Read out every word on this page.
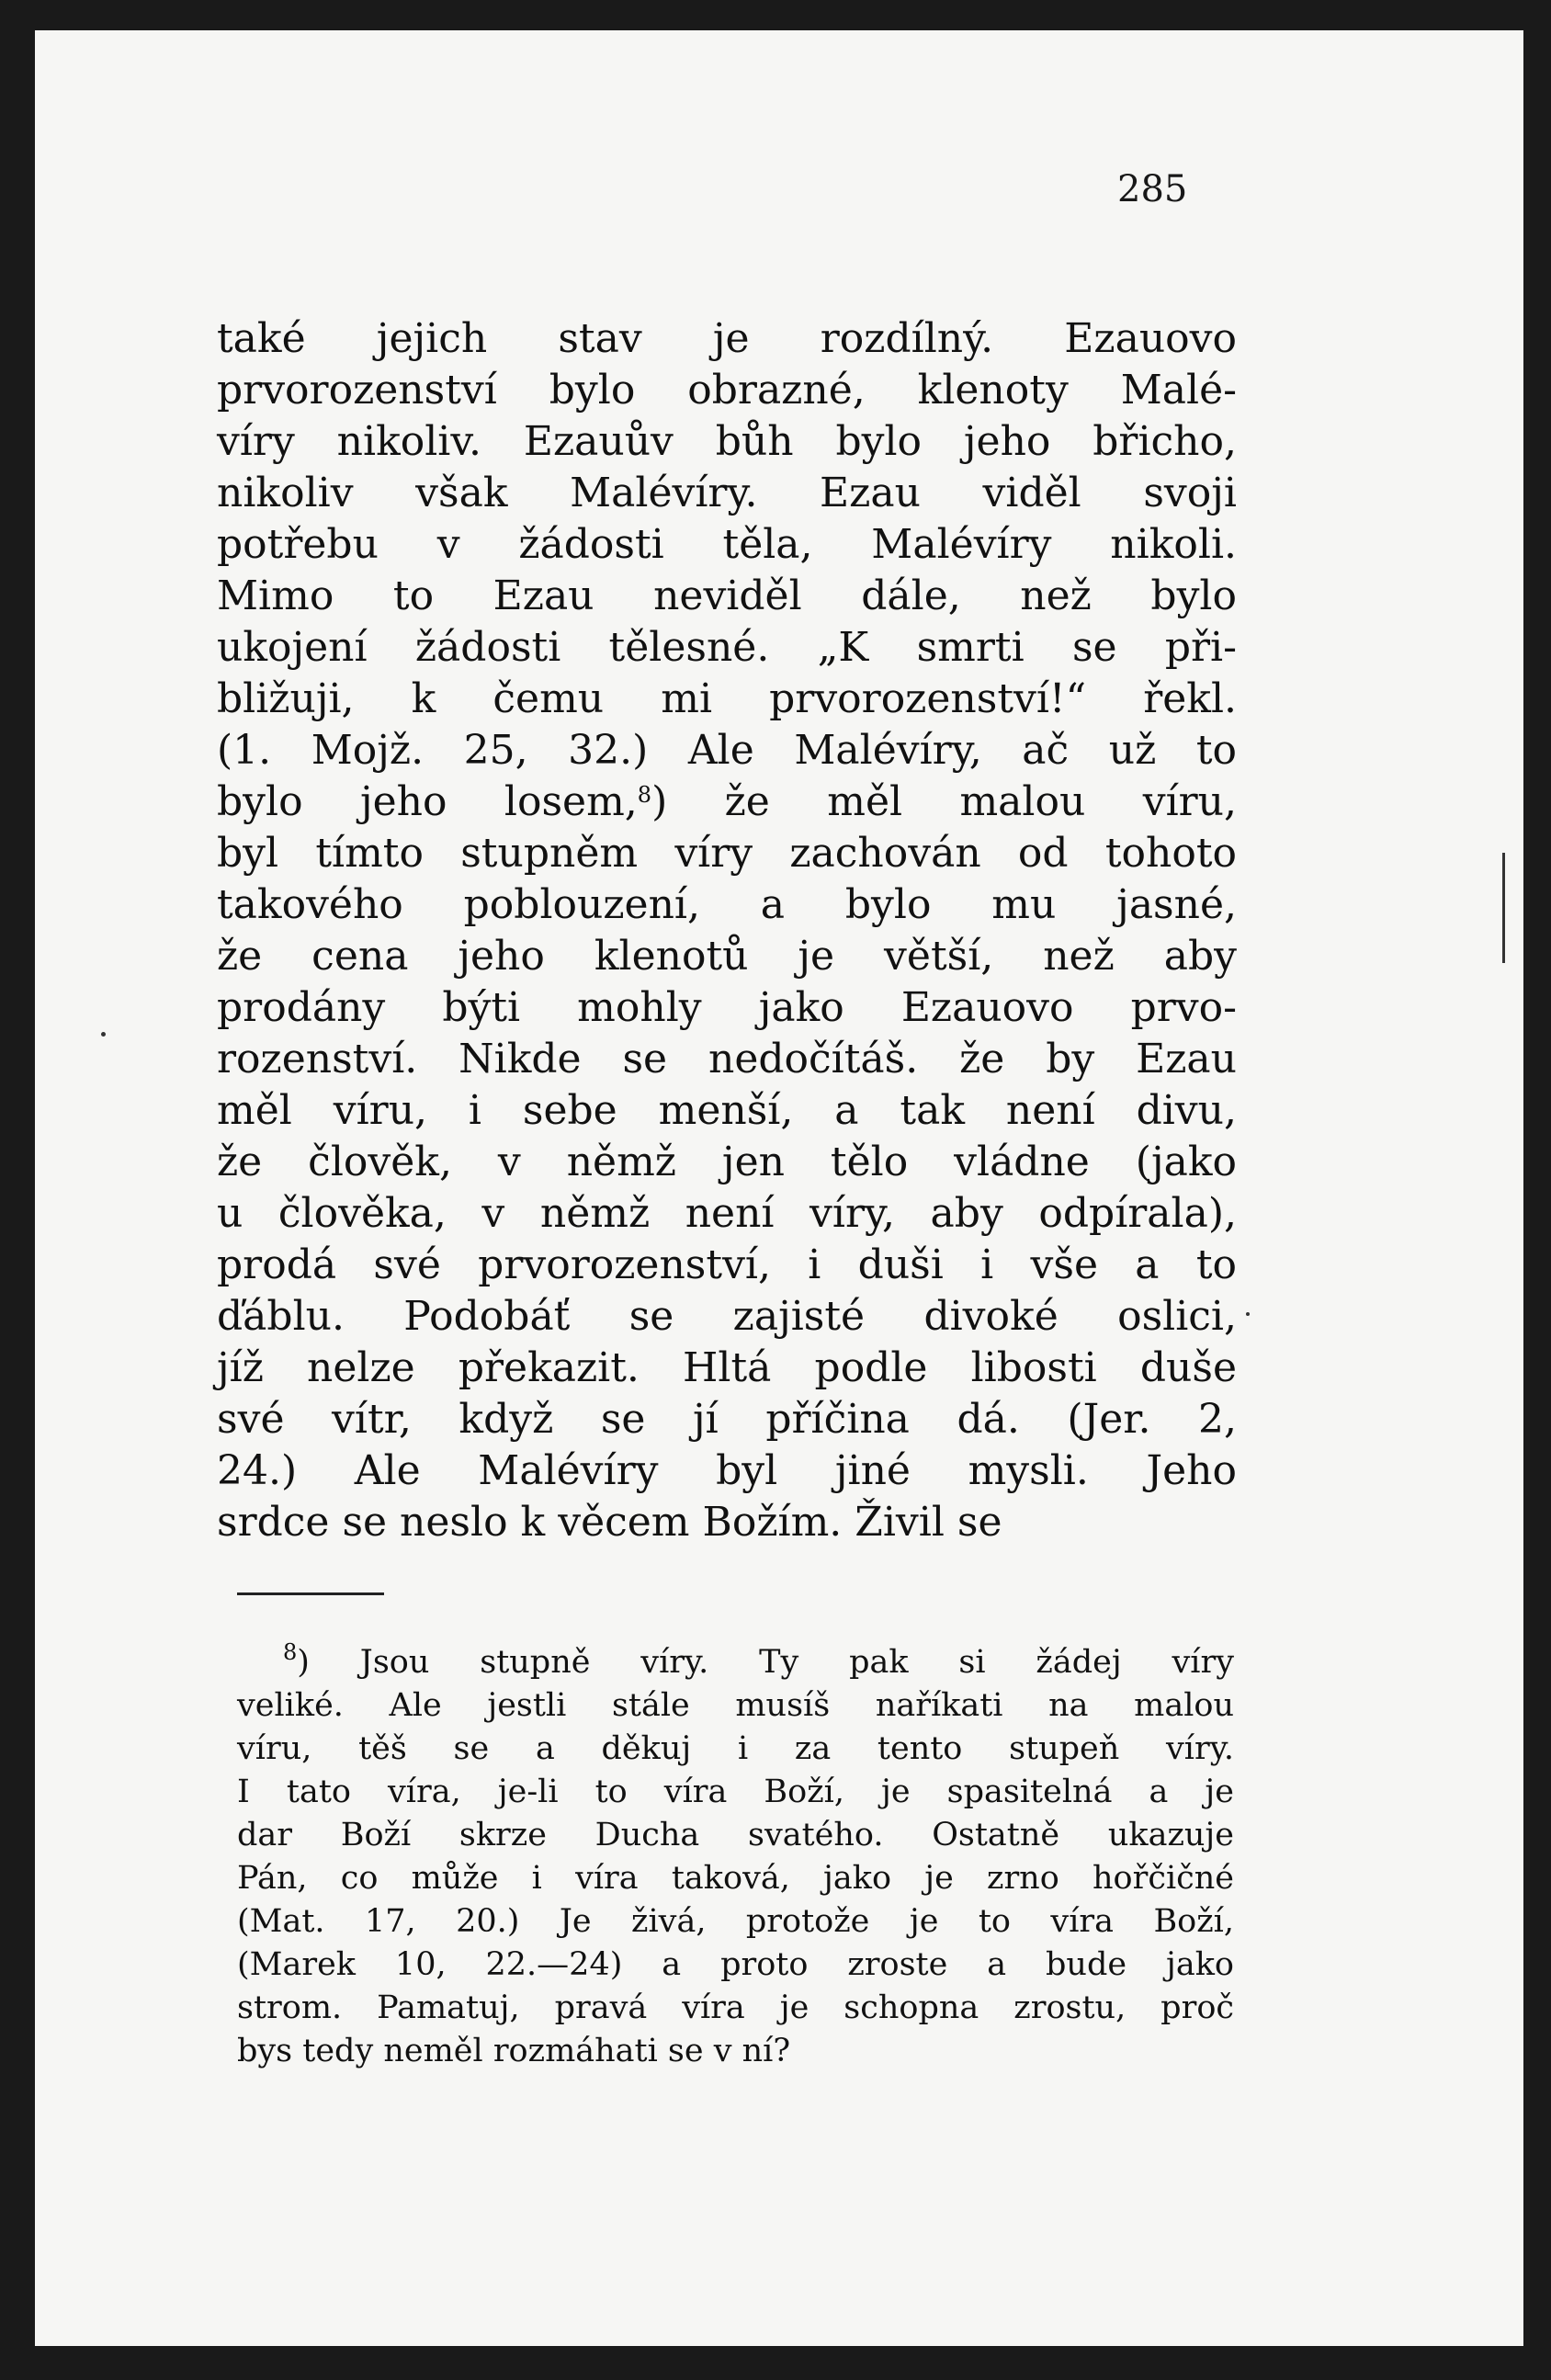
285
také jejich stav je rozdílný. Ezauovo
prvorozenství bylo obrazné, klenoty Malé-
víry nikoliv. Ezauův bůh bylo jeho břicho,
nikoliv však Malévíry. Ezau viděl svoji
potřebu v žádosti těla, Malévíry nikoli.
Mimo to Ezau neviděl dále, než bylo
ukojení žádosti tělesné. „K smrti se při-
bližuji, k čemu mi prvorozenství!“ řekl.
(1. Mojž. 25, 32.) Ale Malévíry, ač už to
bylo jeho losem,$^8$) že měl malou víru,
byl tímto stupněm víry zachován od tohoto
takového poblouzení, a bylo mu jasné,
že cena jeho klenotů je větší, než aby
prodány býti mohly jako Ezauovo prvo-
rozenství. Nikde se nedočítáš. že by Ezau
měl víru, i sebe menší, a tak není divu,
že člověk, v němž jen tělo vládne (jako
u člověka, v němž není víry, aby odpírala),
prodá své prvorozenství, i duši i vše a to
ďáblu. Podobáť se zajisté divoké oslici,
jíž nelze překazit. Hltá podle libosti duše
své vítr, když se jí příčina dá. (Jer. 2,
24.) Ale Malévíry byl jiné mysli. Jeho
srdce se neslo k věcem Božím. Živil se
$^8$) Jsou stupně víry. Ty pak si žádej víry
veliké. Ale jestli stále musíš naříkati na malou
víru, těš se a děkuj i za tento stupeň víry.
I tato víra, je-li to víra Boží, je spasitelná a je
dar Boží skrze Ducha svatého. Ostatně ukazuje
Pán, co může i víra taková, jako je zrno hořčičné
(Mat. 17, 20.) Je živá, protože je to víra Boží,
(Marek 10, 22.—24) a proto zroste a bude jako
strom. Pamatuj, pravá víra je schopna zrostu, proč
bys tedy neměl rozmáhati se v ní?
